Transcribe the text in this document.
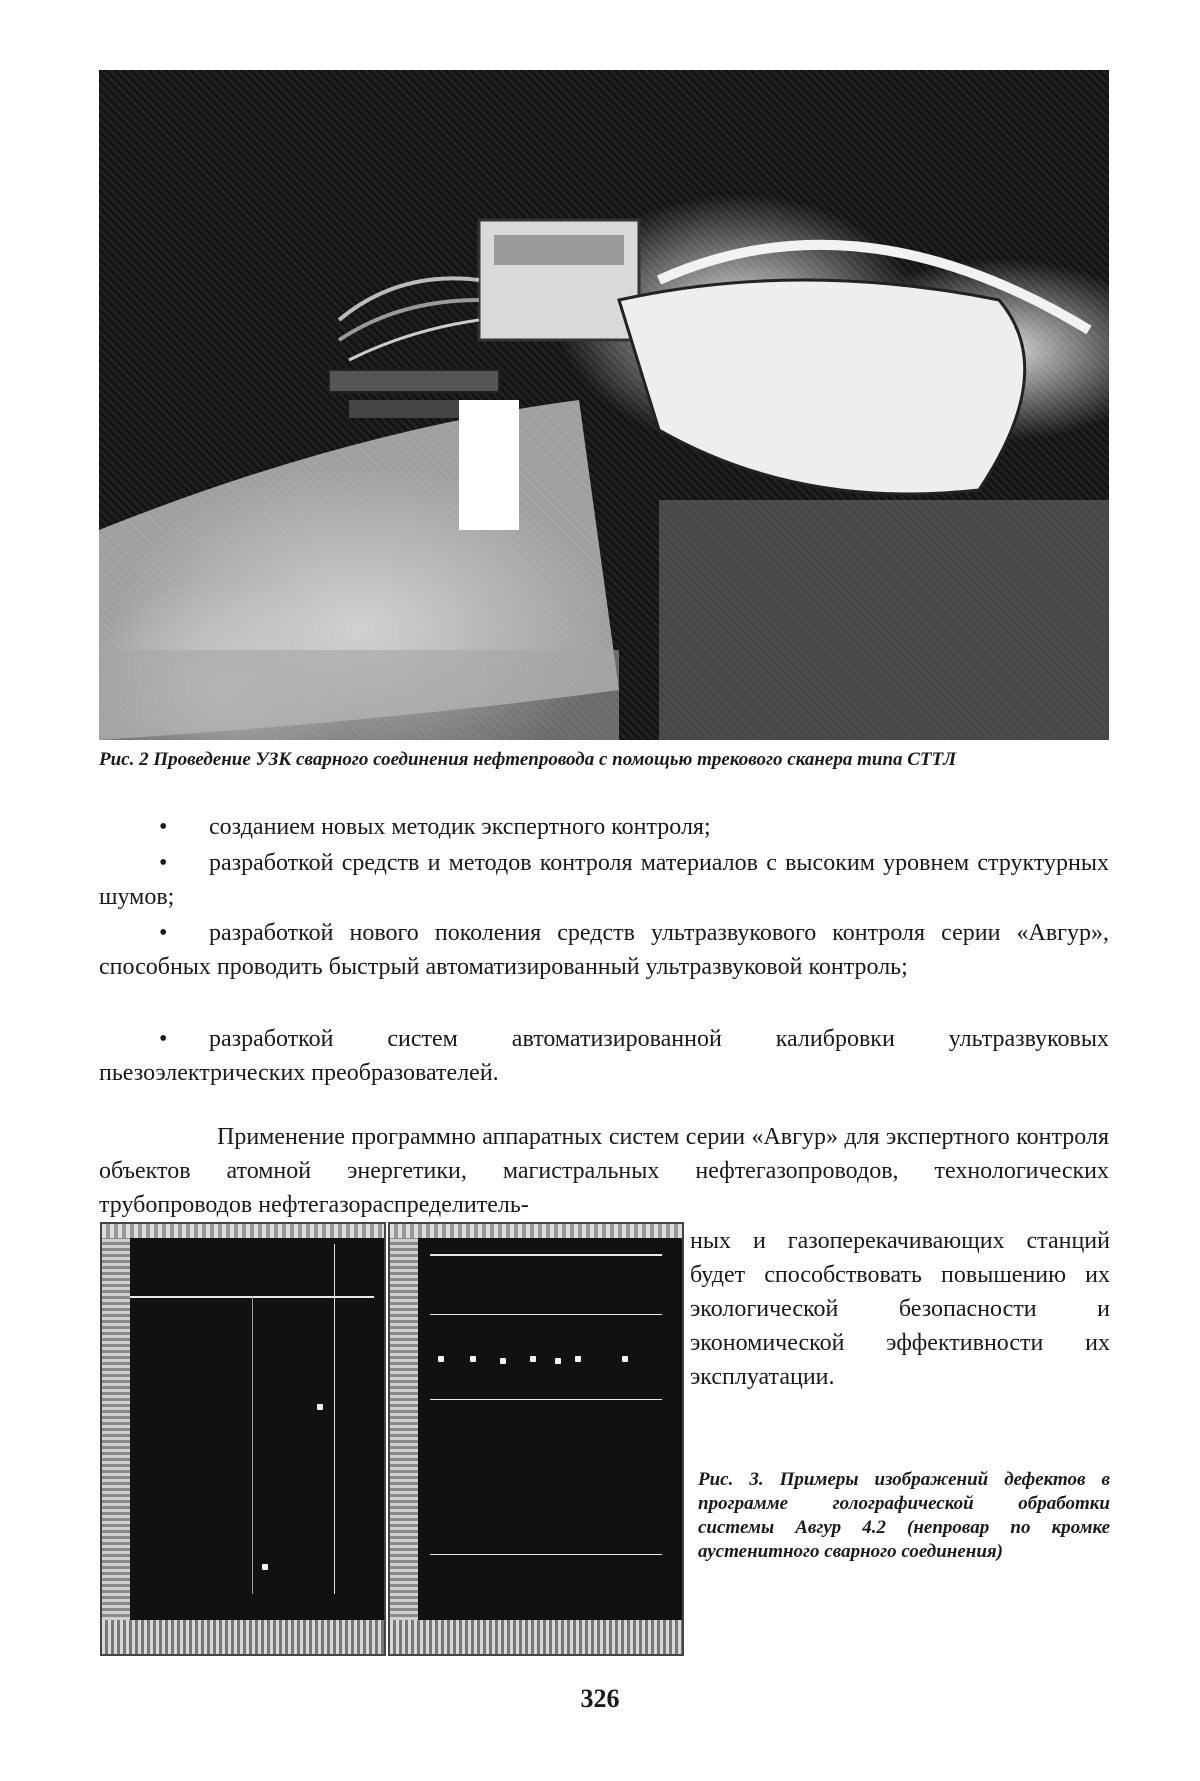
Рис. 2 Проведение УЗК сварного соединения нефтепровода с помощью трекового сканера типа СТТЛ
• созданием новых методик экспертного контроля;
• разработкой средств и методов контроля материалов с высоким уровнем структурных шумов;
• разработкой нового поколения средств ультразвукового контроля серии «Авгур», способных проводить быстрый автоматизированный ультразвуковой контроль;
• разработкой систем автоматизированной калибровки ультразвуковых пьезоэлектрических преобразователей.
Применение программно аппаратных систем серии «Авгур» для экспертного контроля объектов атомной энергетики, магистральных нефтегазопроводов, технологических трубопроводов нефтегазораспределитель-
ных и газоперекачивающих станций будет способствовать повышению их экологической безопасности и экономической эффективности их эксплуатации.
Рис. 3. Примеры изображений дефектов в программе голографической обработки системы Авгур 4.2 (непровар по кромке аустенитного сварного соединения)
326
